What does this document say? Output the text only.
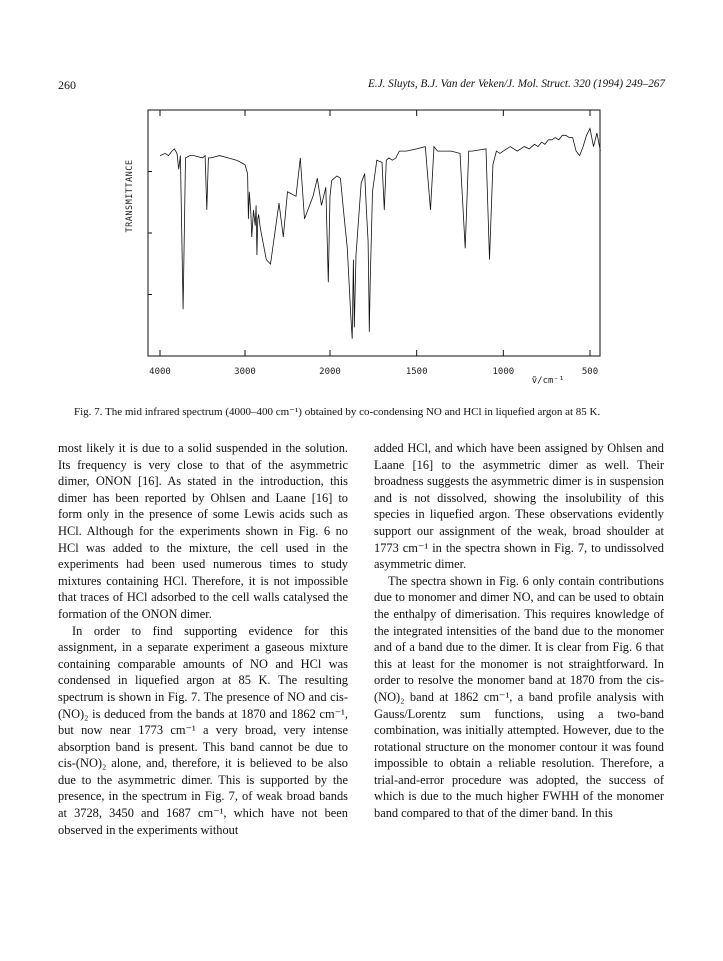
260	E.J. Sluyts, B.J. Van der Veken/J. Mol. Struct. 320 (1994) 249–267
TRANSMITTANCE
ṽ/cm⁻¹
4000	3000	2000	1500	1000	500
Fig. 7. The mid infrared spectrum (4000–400 cm⁻¹) obtained by co-condensing NO and HCl in liquefied argon at 85 K.

most likely it is due to a solid suspended in the solution. Its frequency is very close to that of the asymmetric dimer, ONON [16]. As stated in the introduction, this dimer has been reported by Ohlsen and Laane [16] to form only in the presence of some Lewis acids such as HCl. Although for the experiments shown in Fig. 6 no HCl was added to the mixture, the cell used in the experiments had been used numerous times to study mixtures containing HCl. Therefore, it is not impossible that traces of HCl adsorbed to the cell walls catalysed the formation of the ONON dimer.

In order to find supporting evidence for this assignment, in a separate experiment a gaseous mixture containing comparable amounts of NO and HCl was condensed in liquefied argon at 85 K. The resulting spectrum is shown in Fig. 7. The presence of NO and cis-(NO)₂ is deduced from the bands at 1870 and 1862 cm⁻¹, but now near 1773 cm⁻¹ a very broad, very intense absorption band is present. This band cannot be due to cis-(NO)₂ alone, and, therefore, it is believed to be also due to the asymmetric dimer. This is supported by the presence, in the spectrum in Fig. 7, of weak broad bands at 3728, 3450 and 1687 cm⁻¹, which have not been observed in the experiments without

added HCl, and which have been assigned by Ohlsen and Laane [16] to the asymmetric dimer as well. Their broadness suggests the asymmetric dimer is in suspension and is not dissolved, showing the insolubility of this species in liquefied argon. These observations evidently support our assignment of the weak, broad shoulder at 1773 cm⁻¹ in the spectra shown in Fig. 7, to undissolved asymmetric dimer.

The spectra shown in Fig. 6 only contain contributions due to monomer and dimer NO, and can be used to obtain the enthalpy of dimerisation. This requires knowledge of the integrated intensities of the band due to the monomer and of a band due to the dimer. It is clear from Fig. 6 that this at least for the monomer is not straightforward. In order to resolve the monomer band at 1870 from the cis-(NO)₂ band at 1862 cm⁻¹, a band profile analysis with Gauss/Lorentz sum functions, using a two-band combination, was initially attempted. However, due to the rotational structure on the monomer contour it was found impossible to obtain a reliable resolution. Therefore, a trial-and-error procedure was adopted, the success of which is due to the much higher FWHH of the monomer band compared to that of the dimer band. In this
